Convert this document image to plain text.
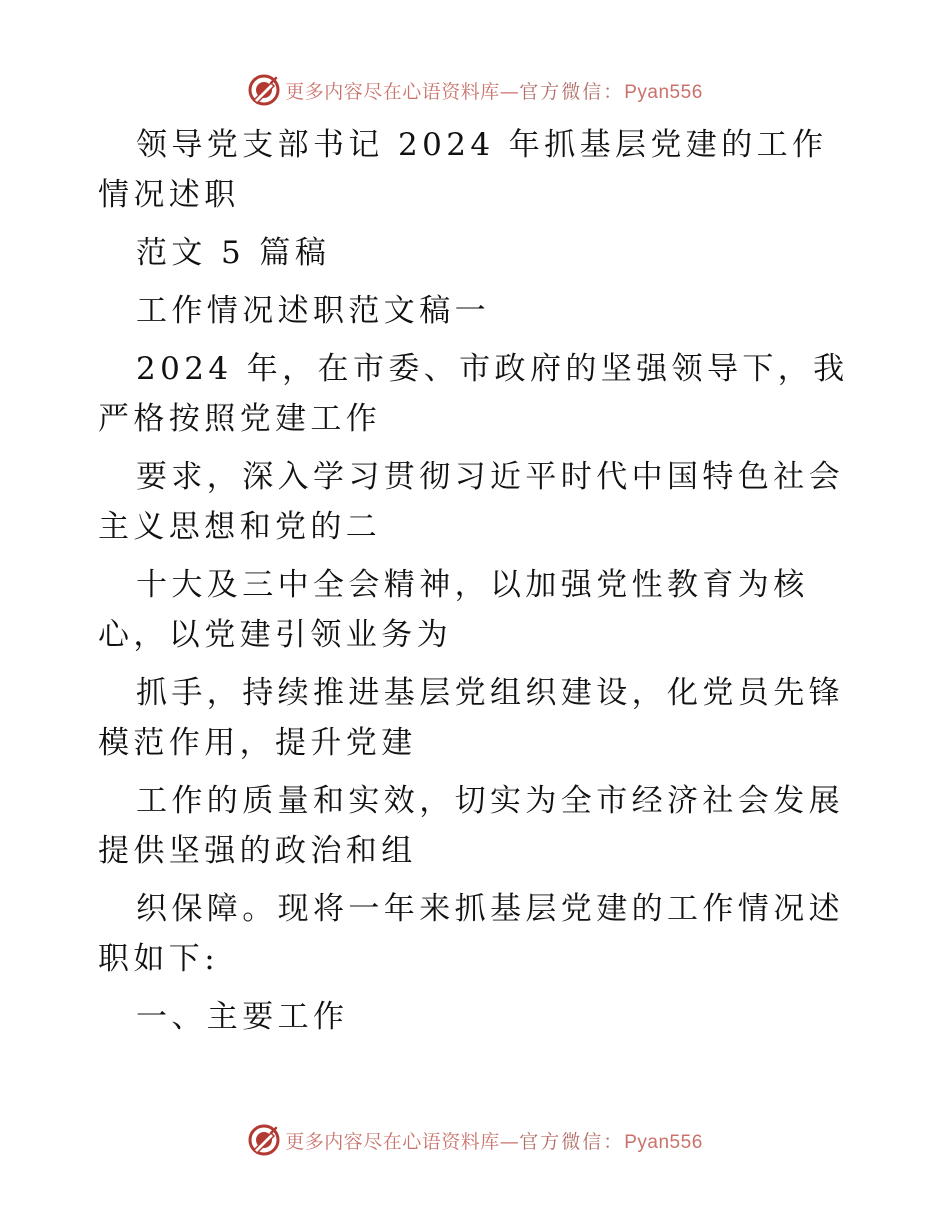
更多内容尽在心语资料库—官方微信：Pyan556

领导党支部书记 2024 年抓基层党建的工作情况述职

范文 5 篇稿

工作情况述职范文稿一

2024 年，在市委、市政府的坚强领导下，我严格按照党建工作

要求，深入学习贯彻习近平时代中国特色社会主义思想和党的二

十大及三中全会精神，以加强党性教育为核心，以党建引领业务为

抓手，持续推进基层党组织建设，化党员先锋模范作用，提升党建

工作的质量和实效，切实为全市经济社会发展提供坚强的政治和组

织保障。现将一年来抓基层党建的工作情况述职如下:

一、主要工作

更多内容尽在心语资料库—官方微信：Pyan556
